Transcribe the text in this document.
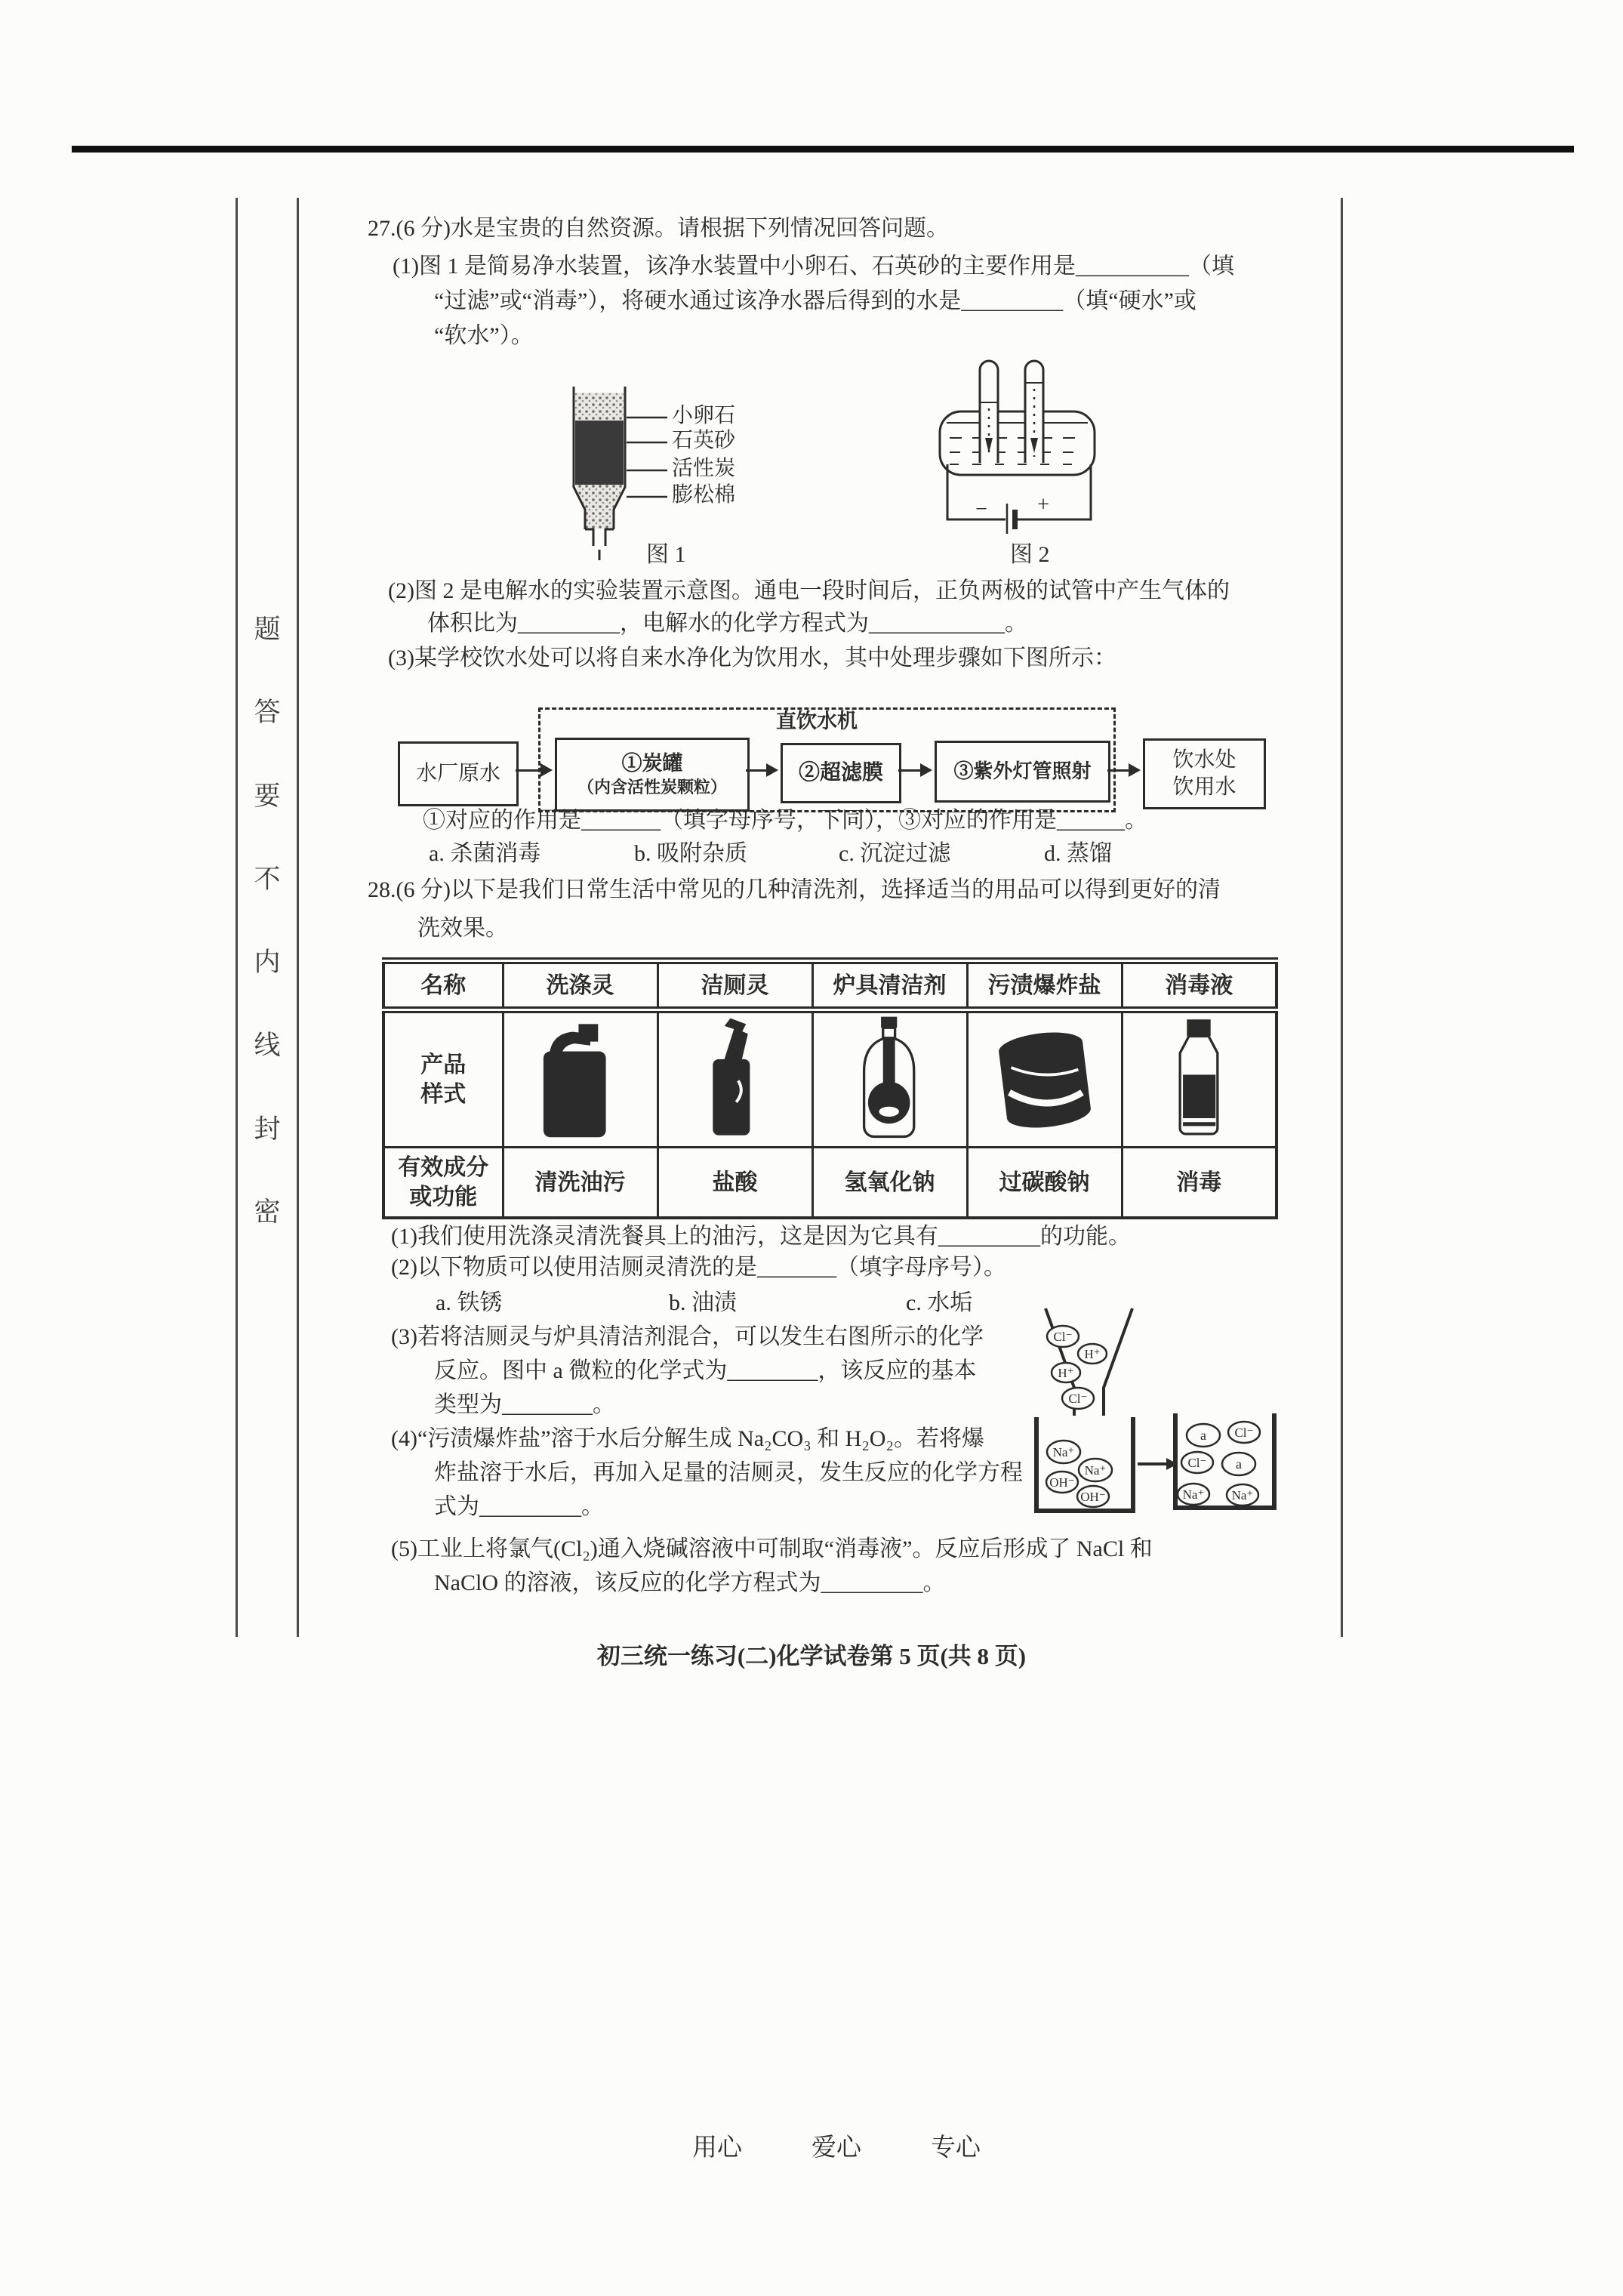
题
答
要
不
内
线
封
密
27.(6 分)水是宝贵的自然资源。请根据下列情况回答问题。
(1)图 1 是简易净水装置，该净水装置中小卵石、石英砂的主要作用是__________（填
“过滤”或“消毒”），将硬水通过该净水器后得到的水是_________（填“硬水”或
“软水”）。
小卵石
石英砂
活性炭
膨松棉
图 1
− +
图 2
(2)图 2 是电解水的实验装置示意图。通电一段时间后，正负两极的试管中产生气体的
体积比为_________，电解水的化学方程式为____________。
(3)某学校饮水处可以将自来水净化为饮用水，其中处理步骤如下图所示：
直饮水机
水厂原水	①炭罐
（内含活性炭颗粒）
②超滤膜	③紫外灯管照射	饮水处
饮用水
①对应的作用是_______（填字母序号，下同），③对应的作用是______。
a. 杀菌消毒	b. 吸附杂质	c. 沉淀过滤	d. 蒸馏
28.(6 分)以下是我们日常生活中常见的几种清洗剂，选择适当的用品可以得到更好的清
洗效果。
名称	洗涤灵	洁厕灵	炉具清洁剂	污渍爆炸盐	消毒液

产品
样式

有效成分
或功能	清洗油污	盐酸	氢氧化钠	过碳酸钠	消毒
(1)我们使用洗涤灵清洗餐具上的油污，这是因为它具有_________的功能。
(2)以下物质可以使用洁厕灵清洗的是_______（填字母序号）。
a. 铁锈	b. 油渍	c. 水垢
(3)若将洁厕灵与炉具清洁剂混合，可以发生右图所示的化学
反应。图中 a 微粒的化学式为________，该反应的基本
类型为________。
(4)“污渍爆炸盐”溶于水后分解生成 Na₂CO₃ 和 H₂O₂。若将爆
炸盐溶于水后，再加入足量的洁厕灵，发生反应的化学方程
式为_________。
(5)工业上将氯气(Cl₂)通入烧碱溶液中可制取“消毒液”。反应后形成了 NaCl 和
NaClO 的溶液，该反应的化学方程式为_________。
Cl⁻
H⁺
H⁺
Cl⁻
Na⁺
Na⁺
OH⁻
OH⁻
a Cl⁻
Cl⁻ a
Na⁺ Na⁺
初三统一练习(二)化学试卷第 5 页(共 8 页)
用心	爱心	专心
